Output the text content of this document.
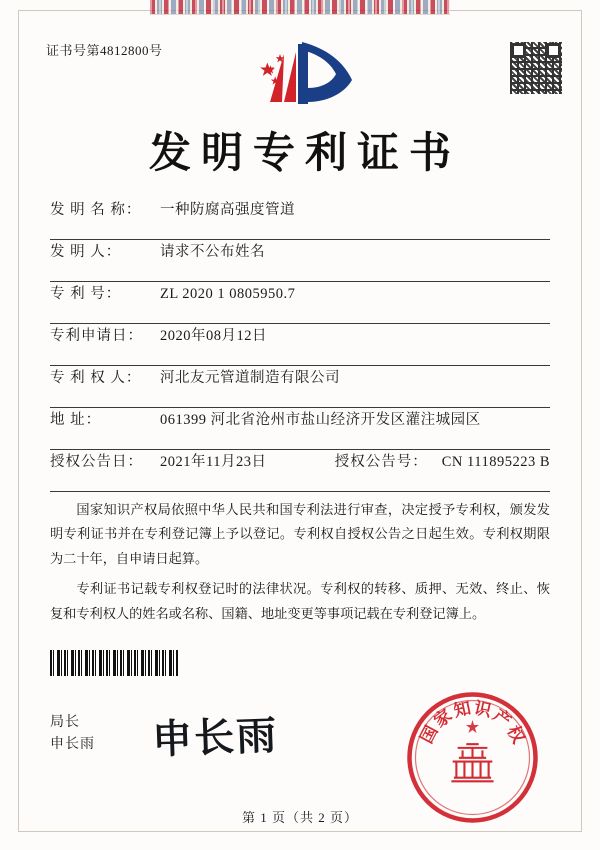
证书号第4812800号
发明专利证书
发 明 名 称：	一种防腐高强度管道
发 明 人：	请求不公布姓名
专 利 号：	ZL 2020 1 0805950.7
专利申请日：	2020年08月12日
专 利 权 人：	河北友元管道制造有限公司
地 址：	061399 河北省沧州市盐山经济开发区灌注城园区
授权公告日：	2021年11月23日	授权公告号： CN 111895223 B

国家知识产权局依照中华人民共和国专利法进行审查，决定授予专利权，颁发发明专利证书并在专利登记簿上予以登记。专利权自授权公告之日起生效。专利权期限为二十年，自申请日起算。

专利证书记载专利权登记时的法律状况。专利权的转移、质押、无效、终止、恢复和专利权人的姓名或名称、国籍、地址变更等事项记载在专利登记簿上。

局长
申长雨 申长雨	国
家
知 识
产
权
第 1 页（共 2 页）
